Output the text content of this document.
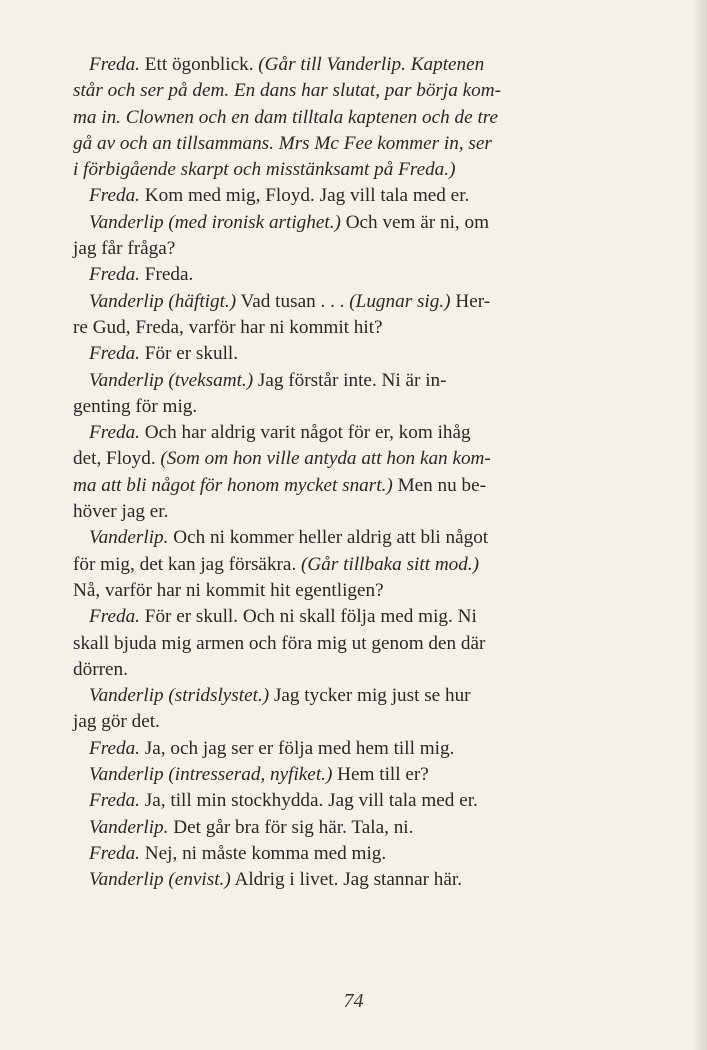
Freda. Ett ögonblick. (Går till Vanderlip. Kaptenen
står och ser på dem. En dans har slutat, par börja kom-
ma in. Clownen och en dam tilltala kaptenen och de tre
gå av och an tillsammans. Mrs Mc Fee kommer in, ser
i förbigående skarpt och misstänksamt på Freda.)
Freda. Kom med mig, Floyd. Jag vill tala med er.
Vanderlip (med ironisk artighet.) Och vem är ni, om
jag får fråga?
Freda. Freda.
Vanderlip (häftigt.) Vad tusan . . . (Lugnar sig.) Her-
re Gud, Freda, varför har ni kommit hit?
Freda. För er skull.
Vanderlip (tveksamt.) Jag förstår inte. Ni är in-
genting för mig.
Freda. Och har aldrig varit något för er, kom ihåg
det, Floyd. (Som om hon ville antyda att hon kan kom-
ma att bli något för honom mycket snart.) Men nu be-
höver jag er.
Vanderlip. Och ni kommer heller aldrig att bli något
för mig, det kan jag försäkra. (Går tillbaka sitt mod.)
Nå, varför har ni kommit hit egentligen?
Freda. För er skull. Och ni skall följa med mig. Ni
skall bjuda mig armen och föra mig ut genom den där
dörren.
Vanderlip (stridslystet.) Jag tycker mig just se hur
jag gör det.
Freda. Ja, och jag ser er följa med hem till mig.
Vanderlip (intresserad, nyfiket.) Hem till er?
Freda. Ja, till min stockhydda. Jag vill tala med er.
Vanderlip. Det går bra för sig här. Tala, ni.
Freda. Nej, ni måste komma med mig.
Vanderlip (envist.) Aldrig i livet. Jag stannar här.
74
